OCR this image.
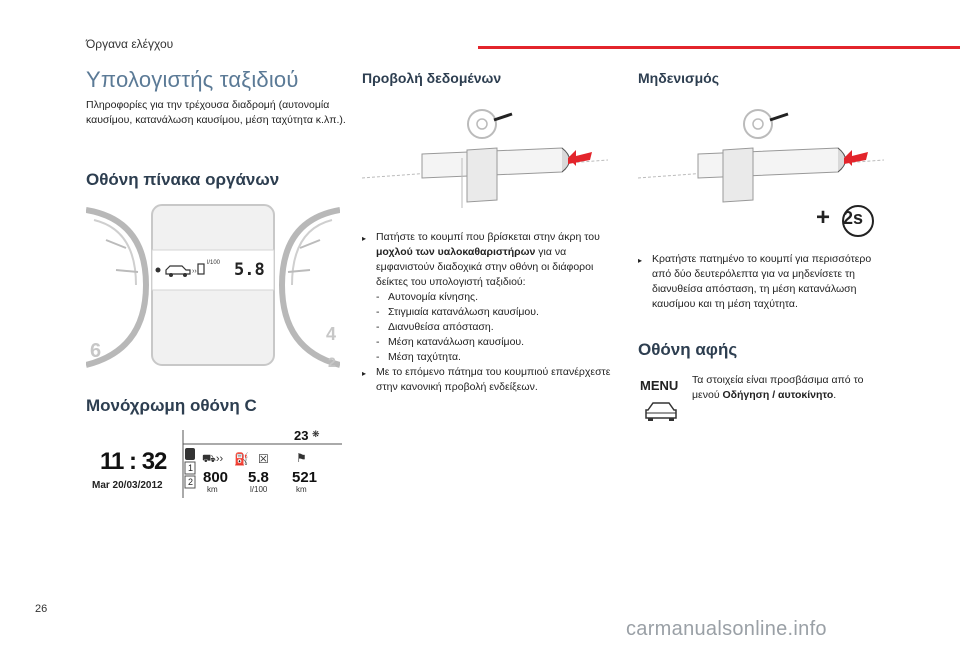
Όργανα ελέγχου
Υπολογιστής ταξιδιού
Πληροφορίες για την τρέχουσα διαδρομή (αυτονομία καυσίμου, κατανάλωση καυσίμου, μέση ταχύτητα κ.λπ.).
Οθόνη πίνακα οργάνων
››
6
4
2
l/100 5.8
Μονόχρωμη οθόνη C
11 : 32
Mar 20/03/2012
23 ❋
1
2
⛟›› ⛽ ☒ ⚑
800
km
5.8
l/100
521
km
Προβολή δεδομένων
▸ Πατήστε το κουμπί που βρίσκεται στην άκρη του μοχλού των υαλοκαθαριστήρων για να εμφανιστούν διαδοχικά στην οθόνη οι διάφοροι δείκτες του υπολογιστή ταξιδιού:
- Αυτονομία κίνησης.
- Στιγμιαία κατανάλωση καυσίμου.
- Διανυθείσα απόσταση.
- Μέση κατανάλωση καυσίμου.
- Μέση ταχύτητα.
▸ Με το επόμενο πάτημα του κουμπιού επανέρχεστε στην κανονική προβολή ενδείξεων.
Μηδενισμός
+ 2s
▸ Κρατήστε πατημένο το κουμπί για περισσότερο από δύο δευτερόλεπτα για να μηδενίσετε τη διανυθείσα απόσταση, τη μέση κατανάλωση καυσίμου και τη μέση ταχύτητα.
Οθόνη αφής
MENU Τα στοιχεία είναι προσβάσιμα από το μενού Οδήγηση / αυτοκίνητο.
26
carmanualsonline.info
